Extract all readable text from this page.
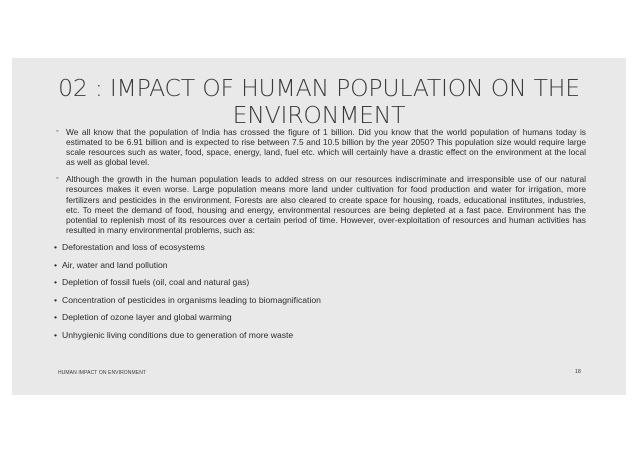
02 : IMPACT OF HUMAN POPULATION ON THE
ENVIRONMENT
◦ We all know that the population of India has crossed the figure of 1 billion. Did you know that the world population of humans today is estimated to be 6.91 billion and is expected to rise between 7.5 and 10.5 billion by the year 2050? This population size would require large scale resources such as water, food, space, energy, land, fuel etc. which will certainly have a drastic effect on the environment at the local as well as global level.
◦ Although the growth in the human population leads to added stress on our resources indiscriminate and irresponsible use of our natural resources makes it even worse. Large population means more land under cultivation for food production and water for irrigation, more fertilizers and pesticides in the environment. Forests are also cleared to create space for housing, roads, educational institutes, industries, etc. To meet the demand of food, housing and energy, environmental resources are being depleted at a fast pace. Environment has the potential to replenish most of its resources over a certain period of time. However, over-exploitation of resources and human activities has resulted in many environmental problems, such as:
• Deforestation and loss of ecosystems
• Air, water and land pollution
• Depletion of fossil fuels (oil, coal and natural gas)
• Concentration of pesticides in organisms leading to biomagnification
• Depletion of ozone layer and global warming
• Unhygienic living conditions due to generation of more waste
HUMAN IMPACT ON ENVIRONMENT	18
